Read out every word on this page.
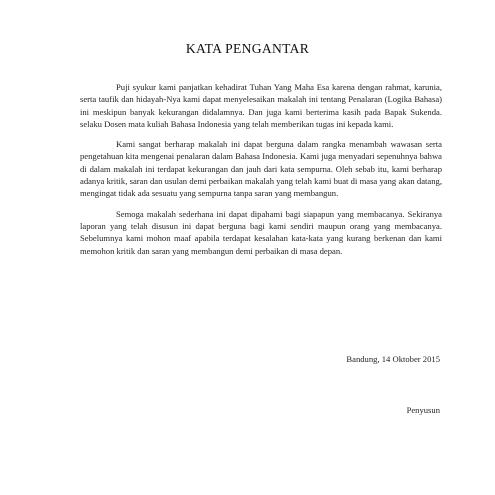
KATA PENGANTAR

Puji syukur kami panjatkan kehadirat Tuhan Yang Maha Esa karena dengan rahmat, karunia, serta taufik dan hidayah-Nya kami dapat menyelesaikan makalah ini tentang Penalaran (Logika Bahasa) ini meskipun banyak kekurangan didalamnya. Dan juga kami berterima kasih pada Bapak Sukenda. selaku Dosen mata kuliah Bahasa Indonesia yang telah memberikan tugas ini kepada kami.

Kami sangat berharap makalah ini dapat berguna dalam rangka menambah wawasan serta pengetahuan kita mengenai penalaran dalam Bahasa Indonesia. Kami juga menyadari sepenuhnya bahwa di dalam makalah ini terdapat kekurangan dan jauh dari kata sempurna. Oleh sebab itu, kami berharap adanya kritik, saran dan usulan demi perbaikan makalah yang telah kami buat di masa yang akan datang, mengingat tidak ada sesuatu yang sempurna tanpa saran yang membangun.

Semoga makalah sederhana ini dapat dipahami bagi siapapun yang membacanya. Sekiranya laporan yang telah disusun ini dapat berguna bagi kami sendiri maupun orang yang membacanya. Sebelumnya kami mohon maaf apabila terdapat kesalahan kata-kata yang kurang berkenan dan kami memohon kritik dan saran yang membangun demi perbaikan di masa depan.

Bandung, 14 Oktober 2015
Penyusun
